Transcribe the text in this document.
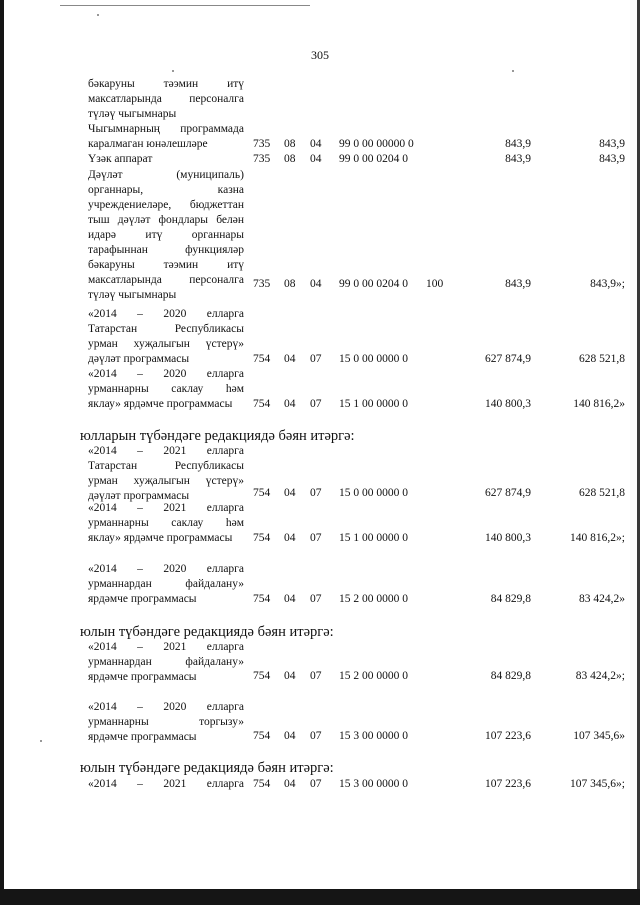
305
бәкаруны тәэмин итү
максатларында персоналга
түләү чыгымнары
Чыгымнарның программада
каралмаган юнәлешләре	735 08 04 99 0 00 00000 0	843,9	843,9
Үзәк аппарат	735 08 04 99 0 00 0204 0	843,9	843,9
Дәүләт (муниципаль)
органнары, казна
учреждениеләре, бюджеттан
тыш дәүләт фондлары белән
идарә итү органнары
тарафыннан функцияләр
бәкаруны тәэмин итү
максатларында персоналга
түләү чыгымнары
735 08 04 99 0 00 0204 0 100	843,9	843,9»;
«2014 – 2020 елларга
Татарстан Республикасы
урман хуҗалыгын үстерү»
дәүләт программасы	754 04 07 15 0 00 0000 0	627 874,9	628 521,8
«2014 – 2020 елларга
урманнарны саклау һәм
яклау» ярдәмче программасы	754 04 07 15 1 00 0000 0	140 800,3	140 816,2»
юлларын түбәндәге редакциядә бәян итәргә:
«2014 – 2021 елларга
Татарстан Республикасы
урман хуҗалыгын үстерү»
дәүләт программасы	754 04 07 15 0 00 0000 0	627 874,9	628 521,8
«2014 – 2021 елларга
урманнарны саклау һәм
яклау» ярдәмче программасы	754 04 07 15 1 00 0000 0	140 800,3	140 816,2»;
«2014 – 2020 елларга
урманнардан файдалану»
ярдәмче программасы	754 04 07 15 2 00 0000 0	84 829,8	83 424,2»
юлын түбәндәге редакциядә бәян итәргә:
«2014 – 2021 елларга
урманнардан файдалану»
ярдәмче программасы	754 04 07 15 2 00 0000 0	84 829,8	83 424,2»;
«2014 – 2020 елларга
урманнарны торгызу»
ярдәмче программасы	754 04 07 15 3 00 0000 0	107 223,6	107 345,6»
юлын түбәндәге редакциядә бәян итәргә:
«2014 – 2021 елларга 754 04 07 15 3 00 0000 0	107 223,6	107 345,6»;
